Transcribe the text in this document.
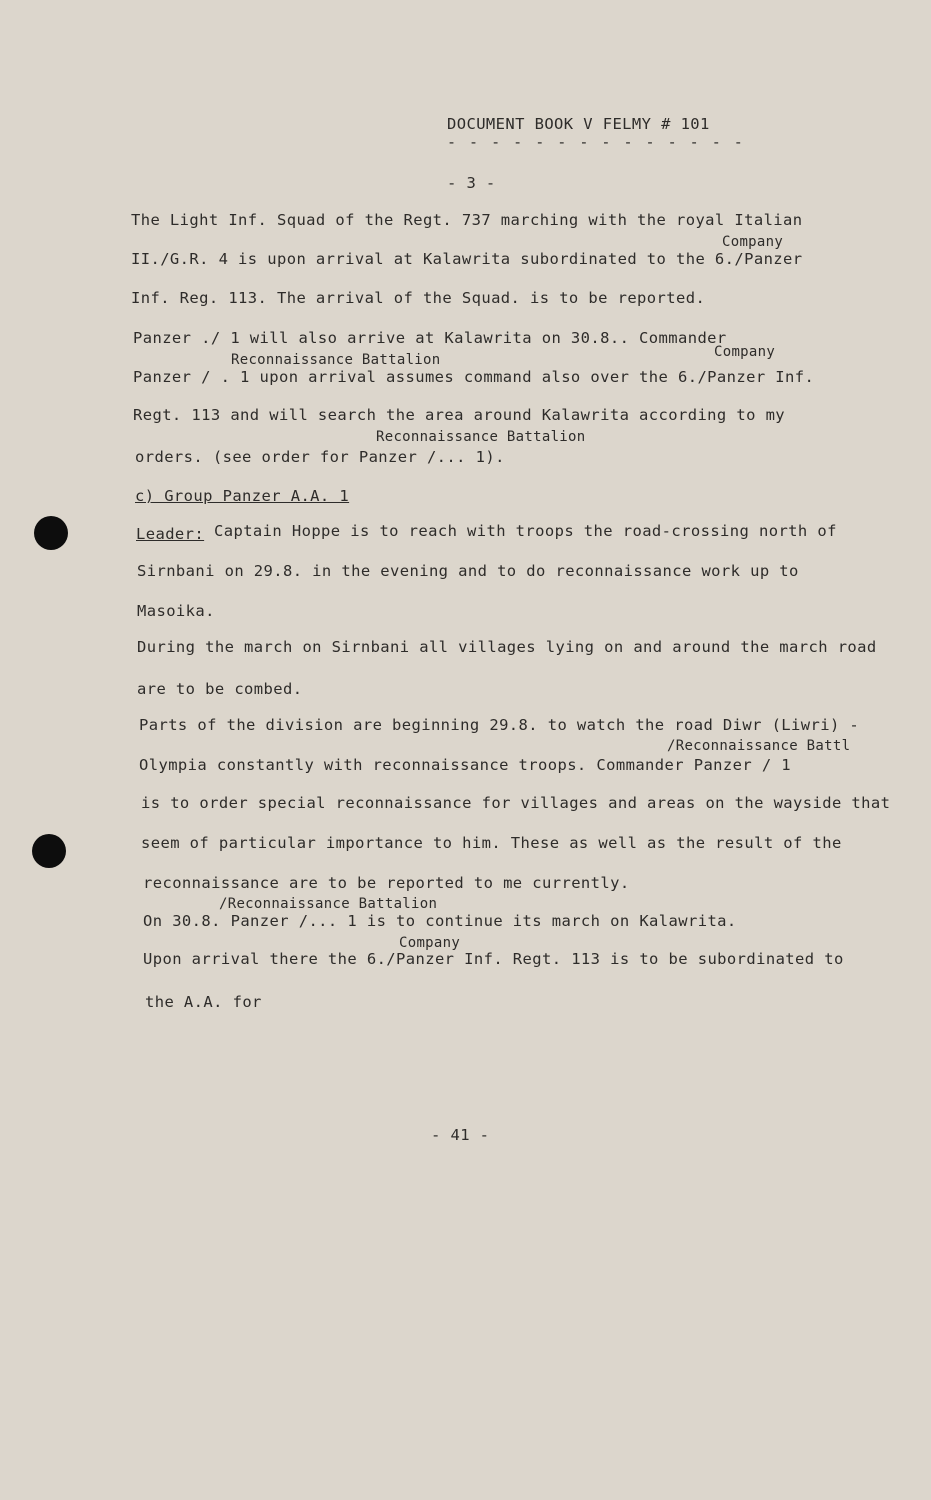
DOCUMENT BOOK V FELMY # 101
- - - - - - - - - - - - - -
- 3 -
The Light Inf. Squad of the Regt. 737 marching with the royal Italian
Company
II./G.R. 4 is upon arrival at Kalawrita subordinated to the 6./Panzer
Inf. Reg. 113. The arrival of the Squad. is to be reported.
Panzer ./ 1 will also arrive at Kalawrita on 30.8.. Commander
Reconnaissance Battalion	Company
Panzer / . 1 upon arrival assumes command also over the 6./Panzer Inf.
Regt. 113 and will search the area around Kalawrita according to my
Reconnaissance Battalion
orders. (see order for Panzer /... 1).
c) Group Panzer A.A. 1
Leader: Captain Hoppe is to reach with troops the road-crossing north of
Sirnbani on 29.8. in the evening and to do reconnaissance work up to
Masoika.
During the march on Sirnbani all villages lying on and around the march road
are to be combed.
Parts of the division are beginning 29.8. to watch the road Diwr (Liwri) -
/Reconnaissance Battl
Olympia constantly with reconnaissance troops. Commander Panzer / 1
is to order special reconnaissance for villages and areas on the wayside that
seem of particular importance to him. These as well as the result of the
reconnaissance are to be reported to me currently.
/Reconnaissance Battalion
On 30.8. Panzer /... 1 is to continue its march on Kalawrita.
Company
Upon arrival there the 6./Panzer Inf. Regt. 113 is to be subordinated to
the A.A. for
- 41 -
